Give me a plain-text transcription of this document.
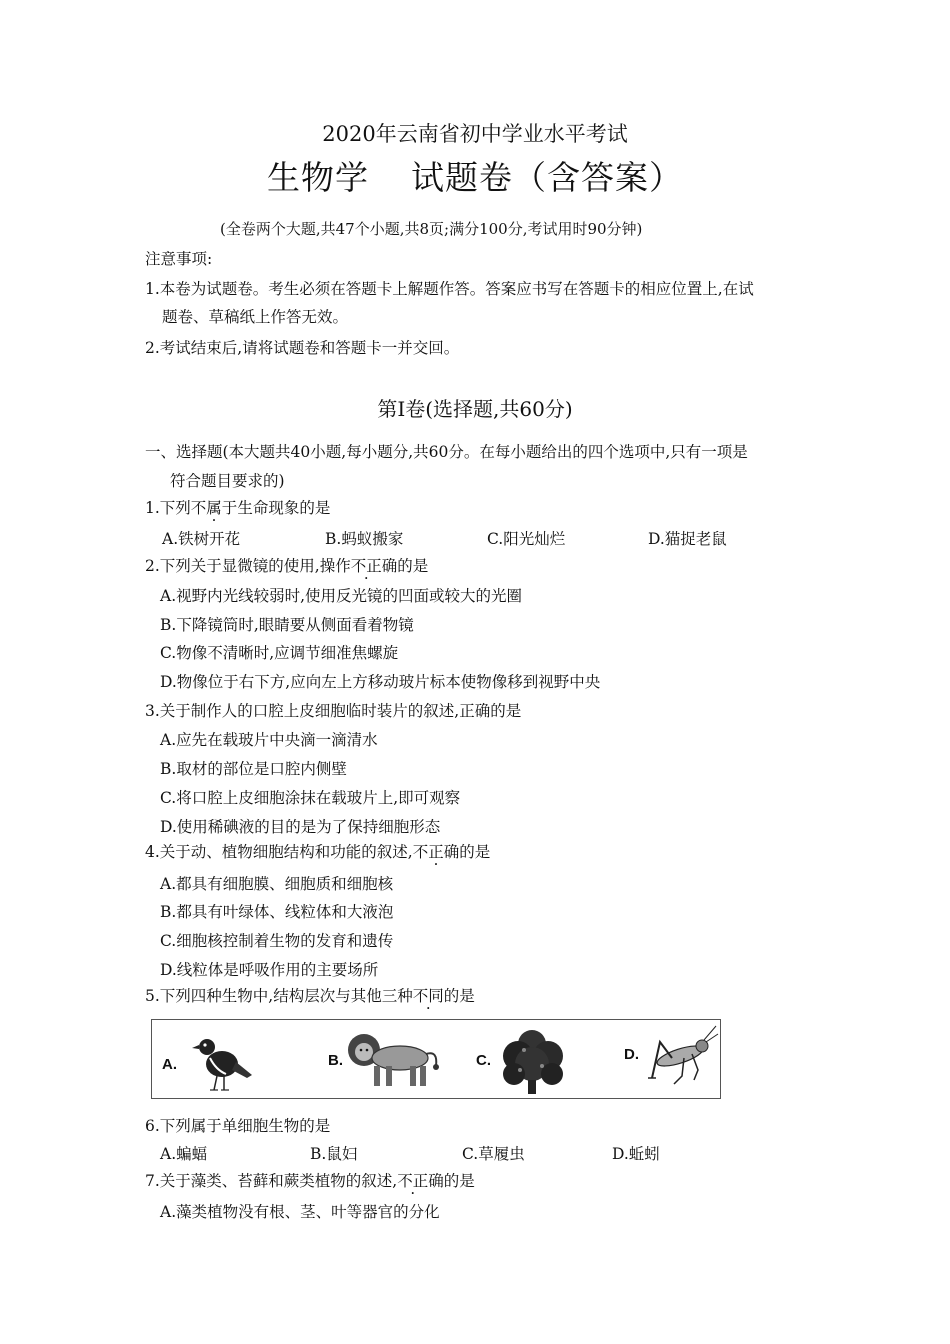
2020年云南省初中学业水平考试
生物学 试题卷（含答案）
(全卷两个大题,共47个小题,共8页;满分100分,考试用时90分钟)
注意事项:
1.本卷为试题卷。考生必须在答题卡上解题作答。答案应书写在答题卡的相应位置上,在试
题卷、草稿纸上作答无效。
2.考试结束后,请将试题卷和答题卡一并交回。
第Ⅰ卷(选择题,共60分)
一、选择题(本大题共40小题,每小题分,共60分。在每小题给出的四个选项中,只有一项是
符合题目要求的)
1.下列不属于生命现象的是
A.铁树开花	B.蚂蚁搬家	C.阳光灿烂	D.猫捉老鼠
2.下列关于显微镜的使用,操作不正确的是
A.视野内光线较弱时,使用反光镜的凹面或较大的光圈
B.下降镜筒时,眼睛要从侧面看着物镜
C.物像不清晰时,应调节细准焦螺旋
D.物像位于右下方,应向左上方移动玻片标本使物像移到视野中央
3.关于制作人的口腔上皮细胞临时装片的叙述,正确的是
A.应先在载玻片中央滴一滴清水
B.取材的部位是口腔内侧壁
C.将口腔上皮细胞涂抹在载玻片上,即可观察
D.使用稀碘液的目的是为了保持细胞形态
4.关于动、植物细胞结构和功能的叙述,不正确的是
A.都具有细胞膜、细胞质和细胞核
B.都具有叶绿体、线粒体和大液泡
C.细胞核控制着生物的发育和遗传
D.线粒体是呼吸作用的主要场所
5.下列四种生物中,结构层次与其他三种不同的是
A.	B.	C.	D.
6.下列属于单细胞生物的是
A.蝙蝠	B.鼠妇	C.草履虫	D.蚯蚓
7.关于藻类、苔藓和蕨类植物的叙述,不正确的是
A.藻类植物没有根、茎、叶等器官的分化
